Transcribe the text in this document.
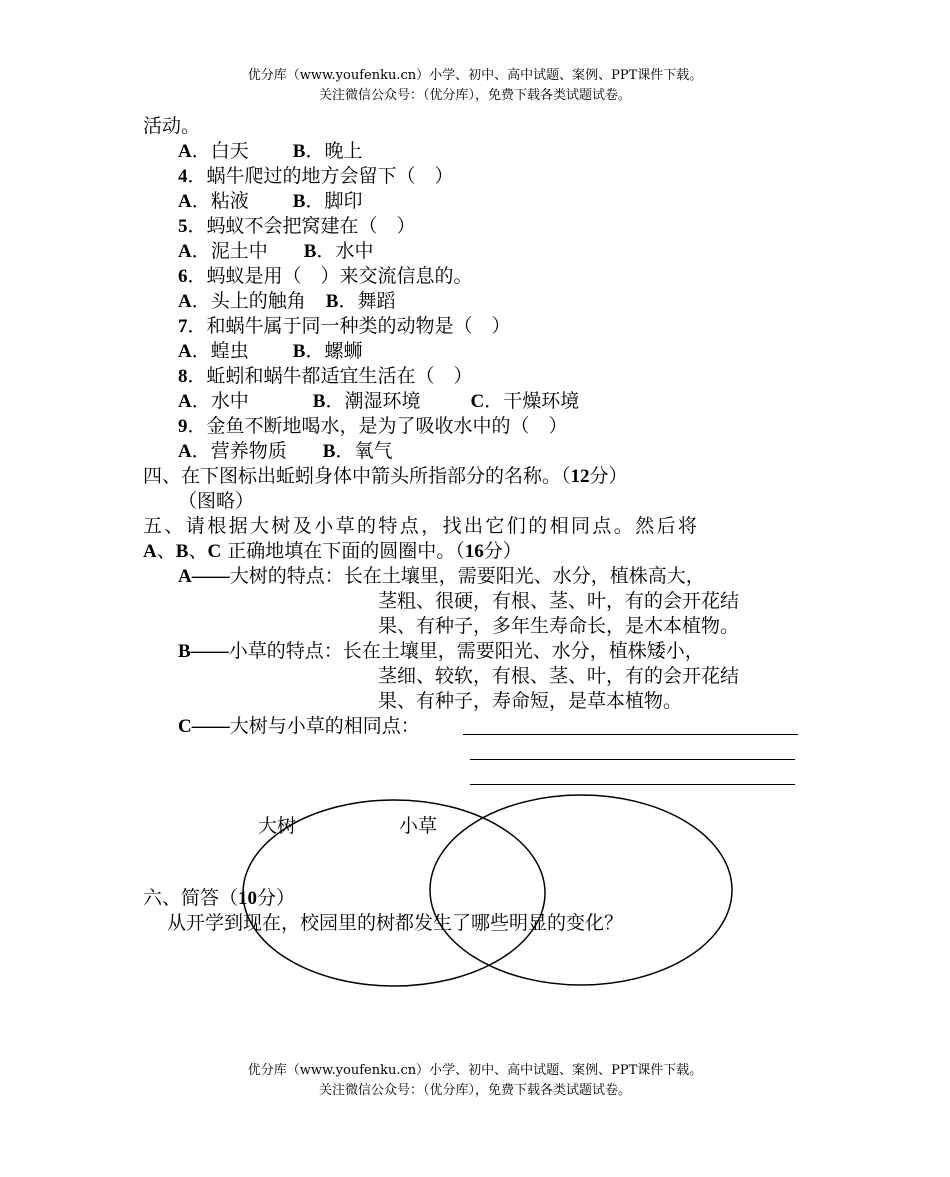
优分库（www.youfenku.cn）小学、初中、高中试题、案例、PPT课件下载。
关注微信公众号：（优分库），免费下载各类试题试卷。
活动。
A．白天 B．晚上
4．蜗牛爬过的地方会留下（　）
A．粘液 B．脚印
5．蚂蚁不会把窝建在（　）
A．泥土中 B．水中
6．蚂蚁是用（　）来交流信息的。
A．头上的触角 B．舞蹈
7．和蜗牛属于同一种类的动物是（　）
A．蝗虫 B．螺蛳
8．蚯蚓和蜗牛都适宜生活在（　）
A．水中	B．潮湿环境	C．干燥环境
9．金鱼不断地喝水，是为了吸收水中的（　）
A．营养物质 B．氧气
四、在下图标出蚯蚓身体中箭头所指部分的名称。（12分）
（图略）
五、请根据大树及小草的特点，找出它们的相同点。然后将
A、B、C 正确地填在下面的圆圈中。（16分）
A——大树的特点：长在土壤里，需要阳光、水分，植株高大，
茎粗、很硬，有根、茎、叶，有的会开花结
果、有种子，多年生寿命长，是木本植物。
B——小草的特点：长在土壤里，需要阳光、水分，植株矮小，
茎细、较软，有根、茎、叶，有的会开花结
果、有种子，寿命短，是草本植物。
C——大树与小草的相同点：
六、简答（10分）
从开学到现在，校园里的树都发生了哪些明显的变化？
大树	小草
优分库（www.youfenku.cn）小学、初中、高中试题、案例、PPT课件下载。
关注微信公众号：（优分库），免费下载各类试题试卷。
